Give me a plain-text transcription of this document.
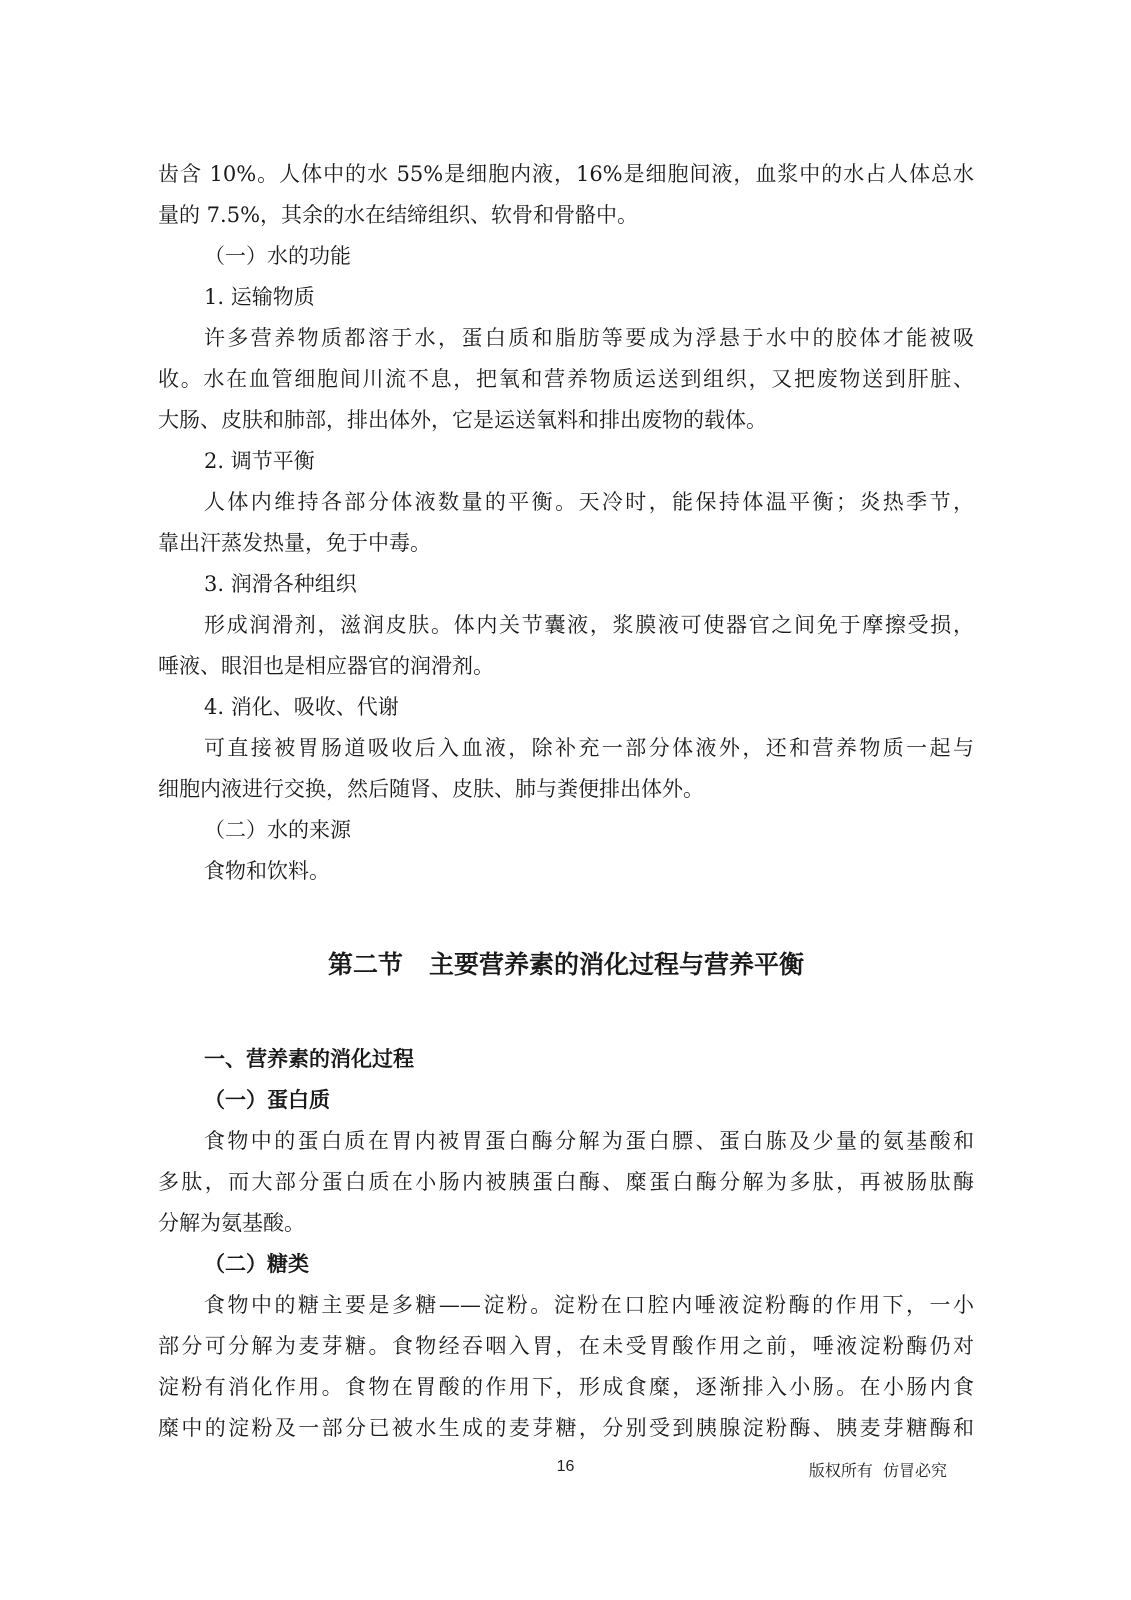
齿含 10%。人体中的水 55%是细胞内液，16%是细胞间液，血浆中的水占人体总水
量的 7.5%，其余的水在结缔组织、软骨和骨骼中。
（一）水的功能
1. 运输物质
许多营养物质都溶于水，蛋白质和脂肪等要成为浮悬于水中的胶体才能被吸
收。水在血管细胞间川流不息，把氧和营养物质运送到组织，又把废物送到肝脏、
大肠、皮肤和肺部，排出体外，它是运送氧料和排出废物的载体。
2. 调节平衡
人体内维持各部分体液数量的平衡。天冷时，能保持体温平衡；炎热季节，
靠出汗蒸发热量，免于中毒。
3. 润滑各种组织
形成润滑剂，滋润皮肤。体内关节囊液，浆膜液可使器官之间免于摩擦受损，
唾液、眼泪也是相应器官的润滑剂。
4. 消化、吸收、代谢
可直接被胃肠道吸收后入血液，除补充一部分体液外，还和营养物质一起与
细胞内液进行交换，然后随肾、皮肤、肺与粪便排出体外。
（二）水的来源
食物和饮料。
第二节   主要营养素的消化过程与营养平衡
一、营养素的消化过程
（一）蛋白质
食物中的蛋白质在胃内被胃蛋白酶分解为蛋白膘、蛋白胨及少量的氨基酸和
多肽，而大部分蛋白质在小肠内被胰蛋白酶、糜蛋白酶分解为多肽，再被肠肽酶
分解为氨基酸。
（二）糖类
食物中的糖主要是多糖——淀粉。淀粉在口腔内唾液淀粉酶的作用下，一小
部分可分解为麦芽糖。食物经吞咽入胃，在未受胃酸作用之前，唾液淀粉酶仍对
淀粉有消化作用。食物在胃酸的作用下，形成食糜，逐渐排入小肠。在小肠内食
糜中的淀粉及一部分已被水生成的麦芽糖，分别受到胰腺淀粉酶、胰麦芽糖酶和
16	版权所有  仿冒必究
